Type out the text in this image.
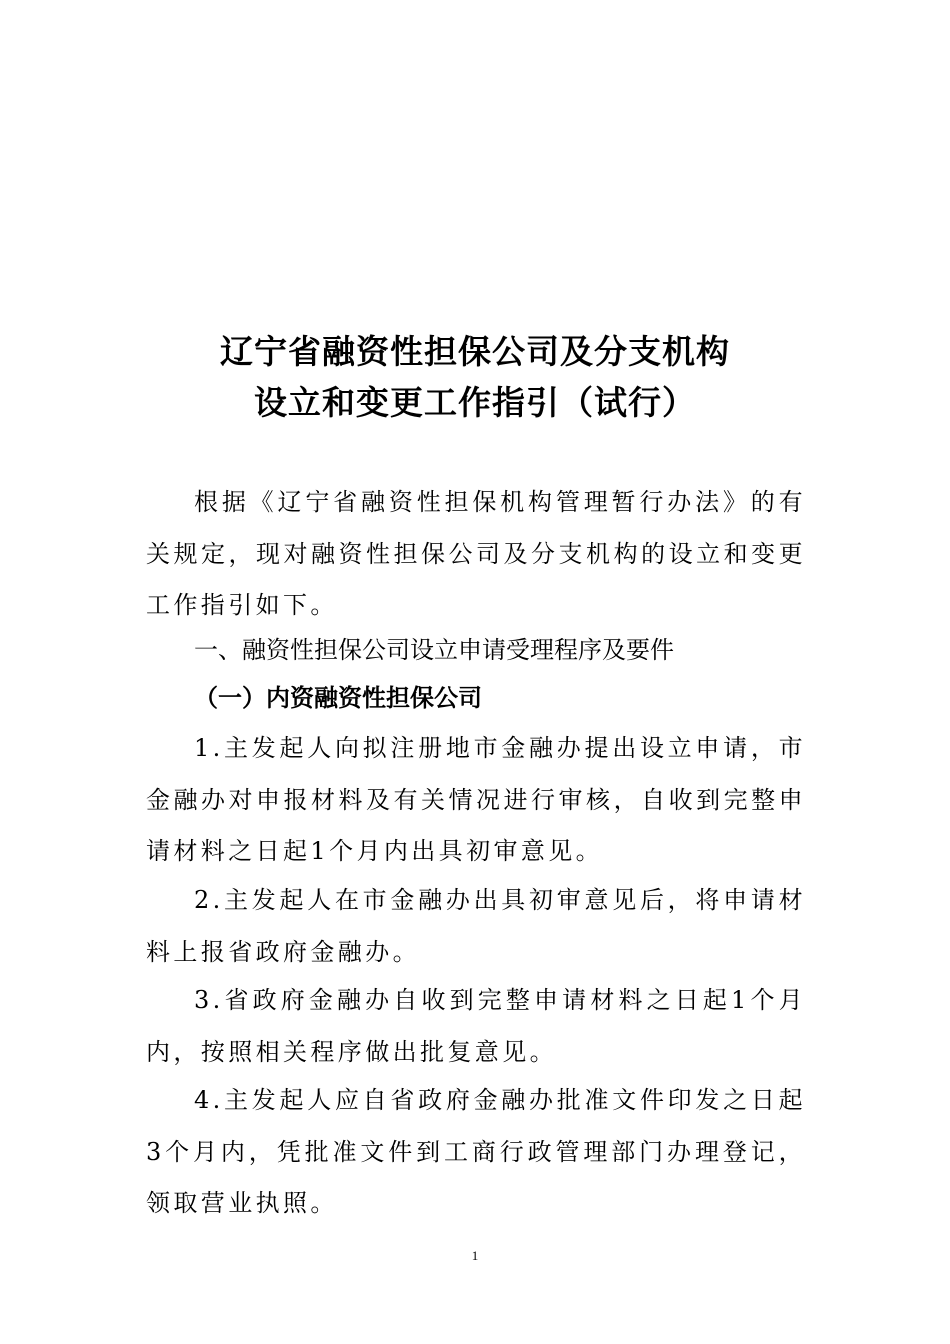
辽宁省融资性担保公司及分支机构
设立和变更工作指引（试行）

根据《辽宁省融资性担保机构管理暂行办法》的有关规定，现对融资性担保公司及分支机构的设立和变更工作指引如下。

一、融资性担保公司设立申请受理程序及要件

（一）内资融资性担保公司

1.主发起人向拟注册地市金融办提出设立申请，市金融办对申报材料及有关情况进行审核，自收到完整申请材料之日起1个月内出具初审意见。

2.主发起人在市金融办出具初审意见后，将申请材料上报省政府金融办。

3.省政府金融办自收到完整申请材料之日起1个月内，按照相关程序做出批复意见。

4.主发起人应自省政府金融办批准文件印发之日起3个月内，凭批准文件到工商行政管理部门办理登记，领取营业执照。

1
